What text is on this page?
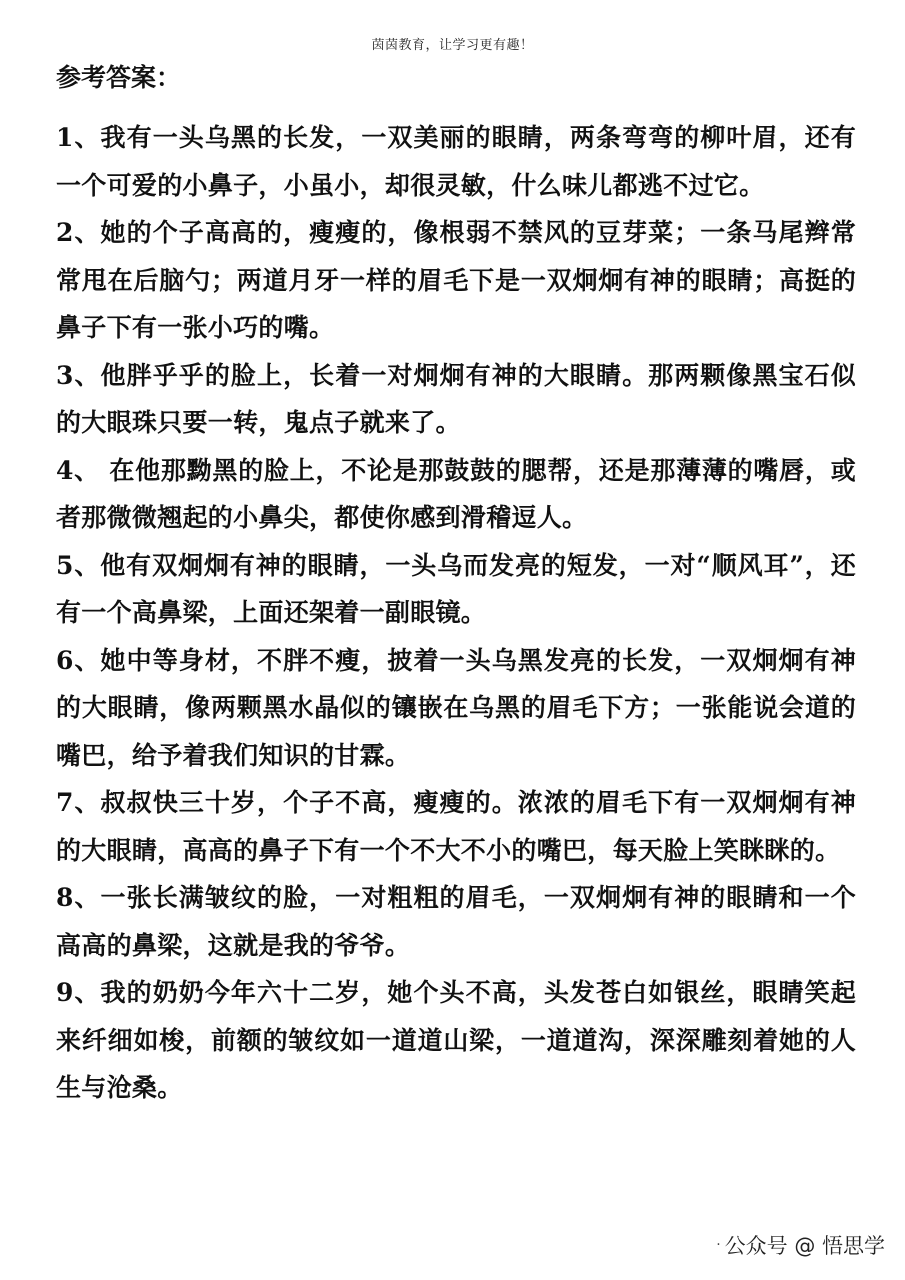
茵茵教育，让学习更有趣！
参考答案：

1、我有一头乌黑的长发，一双美丽的眼睛，两条弯弯的柳叶眉，还有一个可爱的小鼻子，小虽小，却很灵敏，什么味儿都逃不过它。

2、她的个子高高的，瘦瘦的，像根弱不禁风的豆芽菜；一条马尾辫常常甩在后脑勺；两道月牙一样的眉毛下是一双炯炯有神的眼睛；高挺的鼻子下有一张小巧的嘴。

3、他胖乎乎的脸上，长着一对炯炯有神的大眼睛。那两颗像黑宝石似的大眼珠只要一转，鬼点子就来了。

4、 在他那黝黑的脸上，不论是那鼓鼓的腮帮，还是那薄薄的嘴唇，或者那微微翘起的小鼻尖，都使你感到滑稽逗人。

5、他有双炯炯有神的眼睛，一头乌而发亮的短发，一对“顺风耳”，还有一个高鼻梁，上面还架着一副眼镜。

6、她中等身材，不胖不瘦，披着一头乌黑发亮的长发，一双炯炯有神的大眼睛，像两颗黑水晶似的镶嵌在乌黑的眉毛下方；一张能说会道的嘴巴，给予着我们知识的甘霖。

7、叔叔快三十岁，个子不高，瘦瘦的。浓浓的眉毛下有一双炯炯有神的大眼睛，高高的鼻子下有一个不大不小的嘴巴，每天脸上笑眯眯的。

8、一张长满皱纹的脸，一对粗粗的眉毛，一双炯炯有神的眼睛和一个高高的鼻梁，这就是我的爷爷。

9、我的奶奶今年六十二岁，她个头不高，头发苍白如银丝，眼睛笑起来纤细如梭，前额的皱纹如一道道山梁，一道道沟，深深雕刻着她的人生与沧桑。

· 公众号 @ 悟思学
